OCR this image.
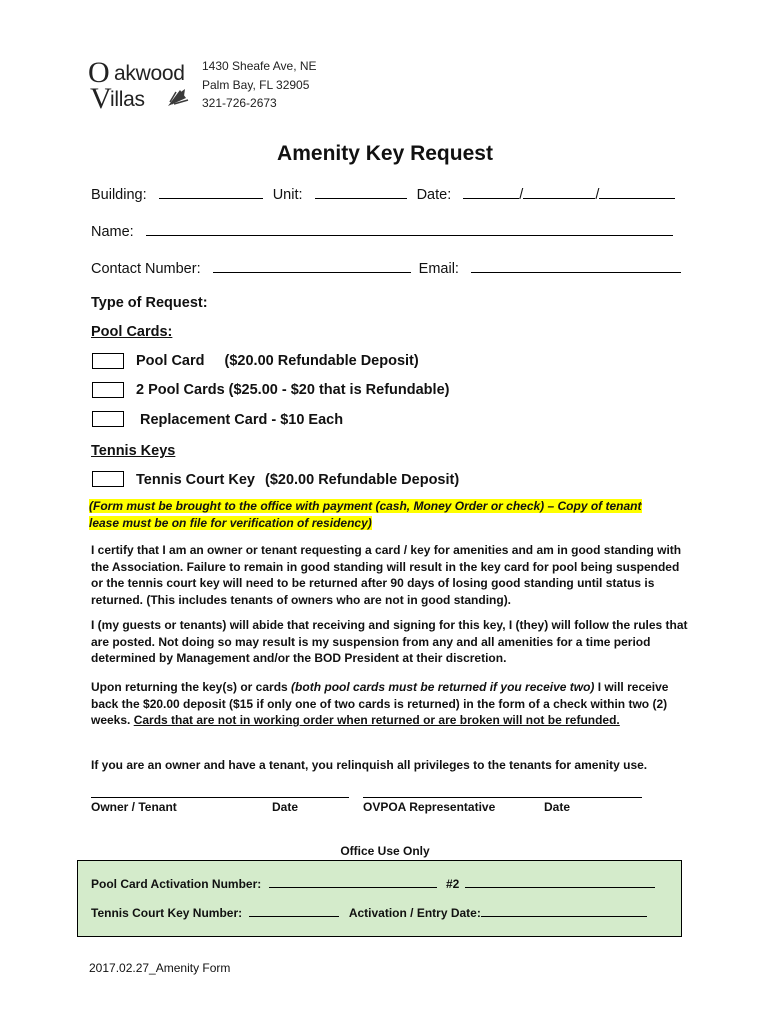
O akwood
V
illas
1430 Sheafe Ave, NE
Palm Bay, FL 32905
321-726-2673
Amenity Key Request
Building:	Unit:	Date:	/	/
Name:
Contact Number:	Email:
Type of Request:
Pool Cards:
Pool Card ($20.00 Refundable Deposit)
2 Pool Cards ($25.00 - $20 that is Refundable)
Replacement Card - $10 Each
Tennis Keys
Tennis Court Key ($20.00 Refundable Deposit)
(Form must be brought to the office with payment (cash, Money Order or check) – Copy of tenant
lease must be on file for verification of residency)
I certify that I am an owner or tenant requesting a card / key for amenities and am in good standing with the Association. Failure to remain in good standing will result in the key card for pool being suspended or the tennis court key will need to be returned after 90 days of losing good standing until status is returned. (This includes tenants of owners who are not in good standing).
I (my guests or tenants) will abide that receiving and signing for this key, I (they) will follow the rules that are posted. Not doing so may result is my suspension from any and all amenities for a time period determined by Management and/or the BOD President at their discretion.
Upon returning the key(s) or cards (both pool cards must be returned if you receive two) I will receive back the $20.00 deposit ($15 if only one of two cards is returned) in the form of a check within two (2) weeks. Cards that are not in working order when returned or are broken will not be refunded.
If you are an owner and have a tenant, you relinquish all privileges to the tenants for amenity use.
Owner / Tenant	Date	OVPOA Representative	Date
Office Use Only
Pool Card Activation Number:	#2
Tennis Court Key Number:	Activation / Entry Date:
2017.02.27_Amenity Form
